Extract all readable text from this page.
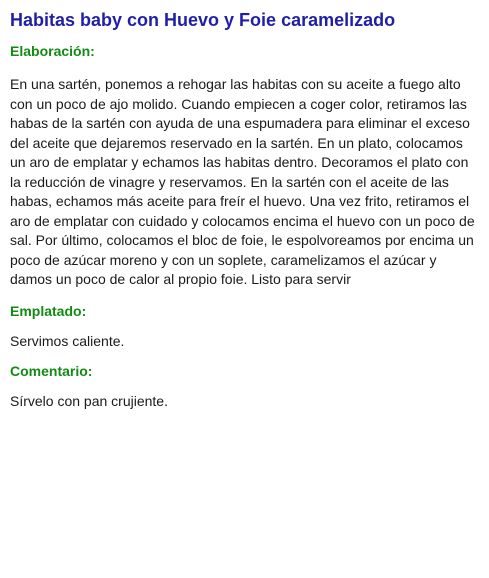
Habitas baby con Huevo y Foie caramelizado
Elaboración:

En una sartén, ponemos a rehogar las habitas con su aceite a fuego alto con un poco de ajo molido. Cuando empiecen a coger color, retiramos las habas de la sartén con ayuda de una espumadera para eliminar el exceso del aceite que dejaremos reservado en la sartén. En un plato, colocamos un aro de emplatar y echamos las habitas dentro. Decoramos el plato con la reducción de vinagre y reservamos. En la sartén con el aceite de las habas, echamos más aceite para freír el huevo. Una vez frito, retiramos el aro de emplatar con cuidado y colocamos encima el huevo con un poco de sal. Por último, colocamos el bloc de foie, le espolvoreamos por encima un poco de azúcar moreno y con un soplete, caramelizamos el azúcar y damos un poco de calor al propio foie. Listo para servir

Emplatado:

Servimos caliente.

Comentario:

Sírvelo con pan crujiente.
